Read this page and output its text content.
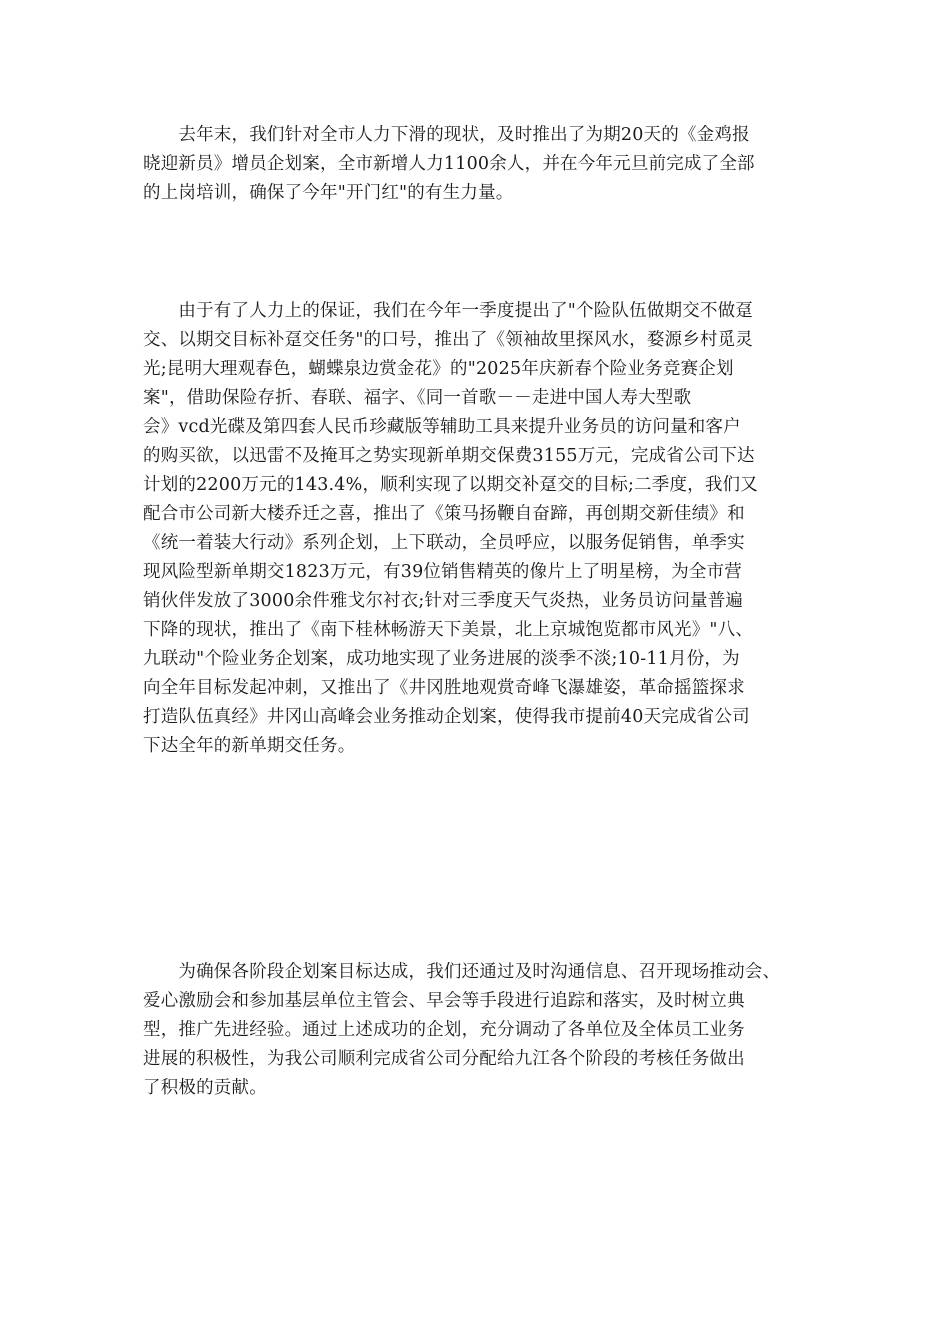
　　去年末，我们针对全市人力下滑的现状，及时推出了为期20天的《金鸡报
晓迎新员》增员企划案，全市新增人力1100余人，并在今年元旦前完成了全部
的上岗培训，确保了今年"开门红"的有生力量。
　　由于有了人力上的保证，我们在今年一季度提出了"个险队伍做期交不做趸
交、以期交目标补趸交任务"的口号，推出了《领袖故里探风水，婺源乡村觅灵
光;昆明大理观春色，蝴蝶泉边赏金花》的"2025年庆新春个险业务竞赛企划
案"，借助保险存折、春联、福字、《同一首歌－－走进中国人寿大型歌
会》vcd光碟及第四套人民币珍藏版等辅助工具来提升业务员的访问量和客户
的购买欲，以迅雷不及掩耳之势实现新单期交保费3155万元，完成省公司下达
计划的2200万元的143.4%，顺利实现了以期交补趸交的目标;二季度，我们又
配合市公司新大楼乔迁之喜，推出了《策马扬鞭自奋蹄，再创期交新佳绩》和
《统一着装大行动》系列企划，上下联动，全员呼应，以服务促销售，单季实
现风险型新单期交1823万元，有39位销售精英的像片上了明星榜，为全市营
销伙伴发放了3000余件雅戈尔衬衣;针对三季度天气炎热，业务员访问量普遍
下降的现状，推出了《南下桂林畅游天下美景，北上京城饱览都市风光》"八、
九联动"个险业务企划案，成功地实现了业务进展的淡季不淡;10-11月份，为
向全年目标发起冲刺，又推出了《井冈胜地观赏奇峰飞瀑雄姿，革命摇篮探求
打造队伍真经》井冈山高峰会业务推动企划案，使得我市提前40天完成省公司
下达全年的新单期交任务。
　　为确保各阶段企划案目标达成，我们还通过及时沟通信息、召开现场推动会、
爱心激励会和参加基层单位主管会、早会等手段进行追踪和落实，及时树立典
型，推广先进经验。通过上述成功的企划，充分调动了各单位及全体员工业务
进展的积极性，为我公司顺利完成省公司分配给九江各个阶段的考核任务做出
了积极的贡献。
